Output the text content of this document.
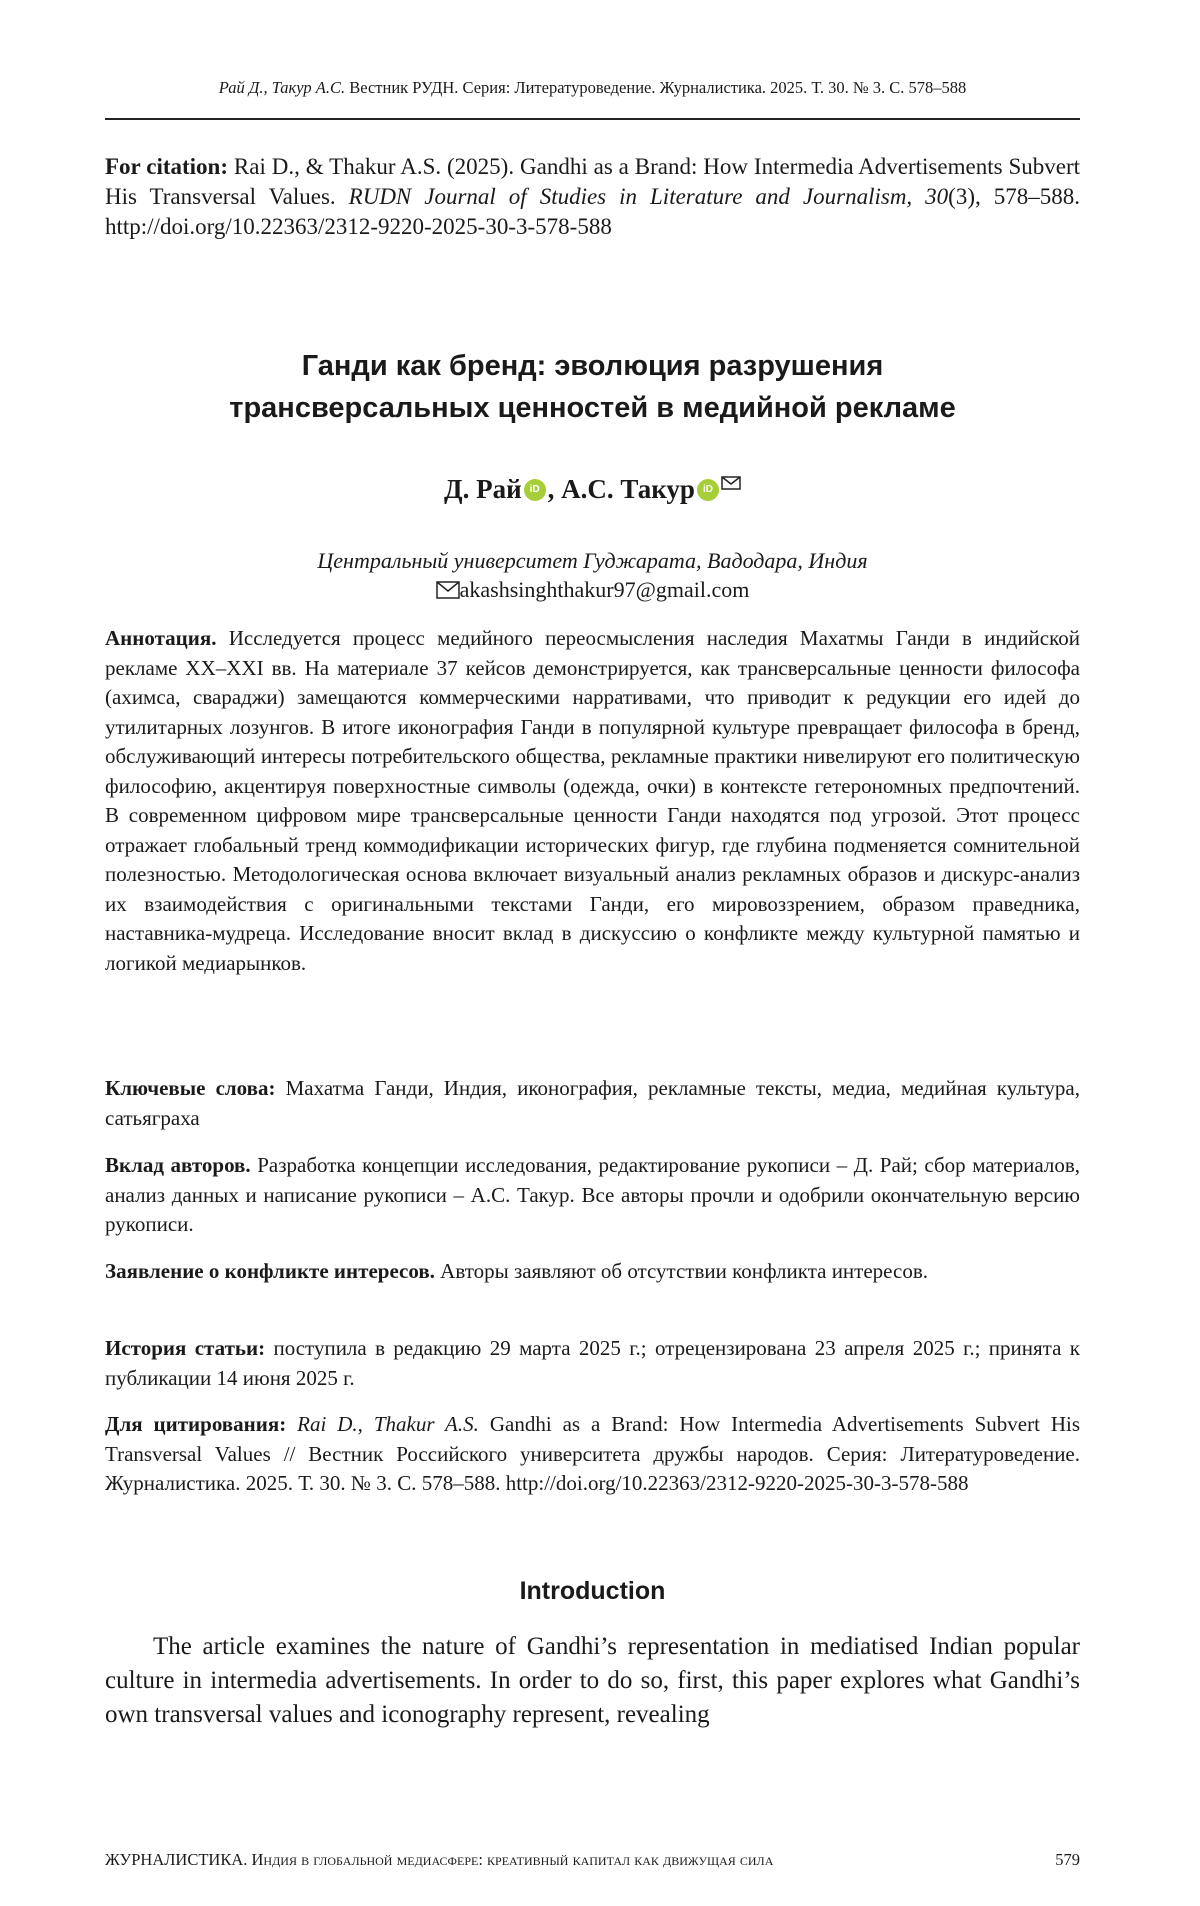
Рай Д., Такур А.С. Вестник РУДН. Серия: Литературоведение. Журналистика. 2025. Т. 30. № 3. С. 578–588
For citation: Rai D., & Thakur A.S. (2025). Gandhi as a Brand: How Intermedia Advertisements Subvert His Transversal Values. RUDN Journal of Studies in Literature and Journalism, 30(3), 578–588. http://doi.org/10.22363/2312-9220-2025-30-3-578-588
Ганди как бренд: эволюция разрушения
трансверсальных ценностей в медийной рекламе
Д. Рай iD , А.С. Такур iD
Центральный университет Гуджарата, Вадодара, Индия
akashsinghthakur97@gmail.com
Аннотация. Исследуется процесс медийного переосмысления наследия Махатмы Ганди в индийской рекламе XX–XXI вв. На материале 37 кейсов демонстрируется, как трансверсальные ценности философа (ахимса, свараджи) замещаются коммерческими нарративами, что приводит к редукции его идей до утилитарных лозунгов. В итоге иконография Ганди в популярной культуре превращает философа в бренд, обслуживающий интересы потребительского общества, рекламные практики нивелируют его политическую философию, акцентируя поверхностные символы (одежда, очки) в контексте гетерономных предпочтений. В современном цифровом мире трансверсальные ценности Ганди находятся под угрозой. Этот процесс отражает глобальный тренд коммодификации исторических фигур, где глубина подменяется сомнительной полезностью. Методологическая основа включает визуальный анализ рекламных образов и дискурс-анализ их взаимодействия с оригинальными текстами Ганди, его мировоззрением, образом праведника, наставника-мудреца. Исследование вносит вклад в дискуссию о конфликте между культурной памятью и логикой медиарынков.
Ключевые слова: Махатма Ганди, Индия, иконография, рекламные тексты, медиа, медийная культура, сатьяграха
Вклад авторов. Разработка концепции исследования, редактирование рукописи – Д. Рай; сбор материалов, анализ данных и написание рукописи – А.С. Такур. Все авторы прочли и одобрили окончательную версию рукописи.
Заявление о конфликте интересов. Авторы заявляют об отсутствии конфликта интересов.
История статьи: поступила в редакцию 29 марта 2025 г.; отрецензирована 23 апреля 2025 г.; принята к публикации 14 июня 2025 г.
Для цитирования: Rai D., Thakur A.S. Gandhi as a Brand: How Intermedia Advertisements Subvert His Transversal Values // Вестник Российского университета дружбы народов. Серия: Литературоведение. Журналистика. 2025. Т. 30. № 3. С. 578–588. http://doi.org/10.22363/2312-9220-2025-30-3-578-588
Introduction
The article examines the nature of Gandhi’s representation in mediatised Indian popular culture in intermedia advertisements. In order to do so, first, this paper explores what Gandhi’s own transversal values and iconography represent, revealing
ЖУРНАЛИСТИКА. Индия в глобальной медиасфере: креативный капитал как движущая сила	579
